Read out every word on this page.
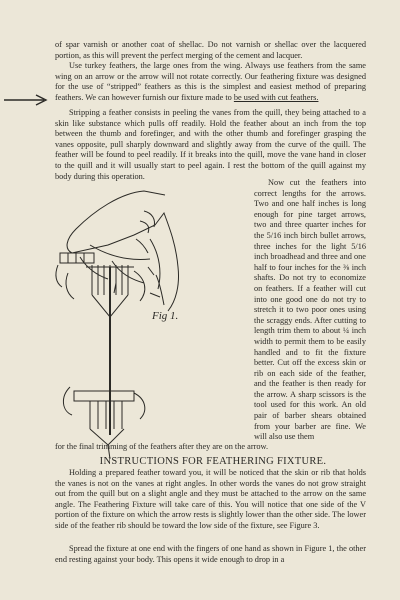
of spar varnish or another coat of shellac. Do not varnish or shellac over the lacquered portion, as this will prevent the perfect merging of the cement and lacquer.

Use turkey feathers, the large ones from the wing. Always use feathers from the same wing on an arrow or the arrow will not rotate correctly. Our feathering fixture was designed for the use of “stripped” feathers as this is the simplest and easiest method of preparing feathers. We can however furnish our fixture made to be used with cut feathers.

Stripping a feather consists in peeling the vanes from the quill, they being attached to a skin like substance which pulls off readily. Hold the feather about an inch from the top between the thumb and forefinger, and with the other thumb and forefinger grasping the vanes opposite, pull sharply downward and slightly away from the curve of the quill. The feather will be found to peel readily. If it breaks into the quill, move the vane hand in closer to the quill and it will usually start to peel again. I rest the bottom of the quill against my body during this operation.

Now cut the feathers into correct lengths for the arrows. Two and one half inches is long enough for pine target arrows, two and three quarter inches for the 5/16 inch birch bullet arrows, three inches for the light 5/16 inch broadhead and three and one half to four inches for the ⅜ inch shafts. Do not try to economize on feathers. If a feather will cut into one good one do not try to stretch it to two poor ones using the scraggy ends. After cutting to length trim them to about ¼ inch width to permit them to be easily handled and to fit the fixture better. Cut off the excess skin or rib on each side of the feather, and the feather is then ready for the arrow. A sharp scissors is the tool used for this work. An old pair of barber shears obtained from your barber are fine. We will also use them

for the final trimming of the feathers after they are on the arrow.

INSTRUCTIONS FOR FEATHERING FIXTURE.

Holding a prepared feather toward you, it will be noticed that the skin or rib that holds the vanes is not on the vanes at right angles. In other words the vanes do not grow straight out from the quill but on a slight angle and they must be attached to the arrow on the same angle. The Feathering Fixture will take care of this. You will notice that one side of the V portion of the fixture on which the arrow rests is slightly lower than the other side. The lower side of the feather rib should be toward the low side of the fixture, see Figure 3.

Spread the fixture at one end with the fingers of one hand as shown in Figure 1, the other end resting against your body. This opens it wide enough to drop in a

Fig 1.
